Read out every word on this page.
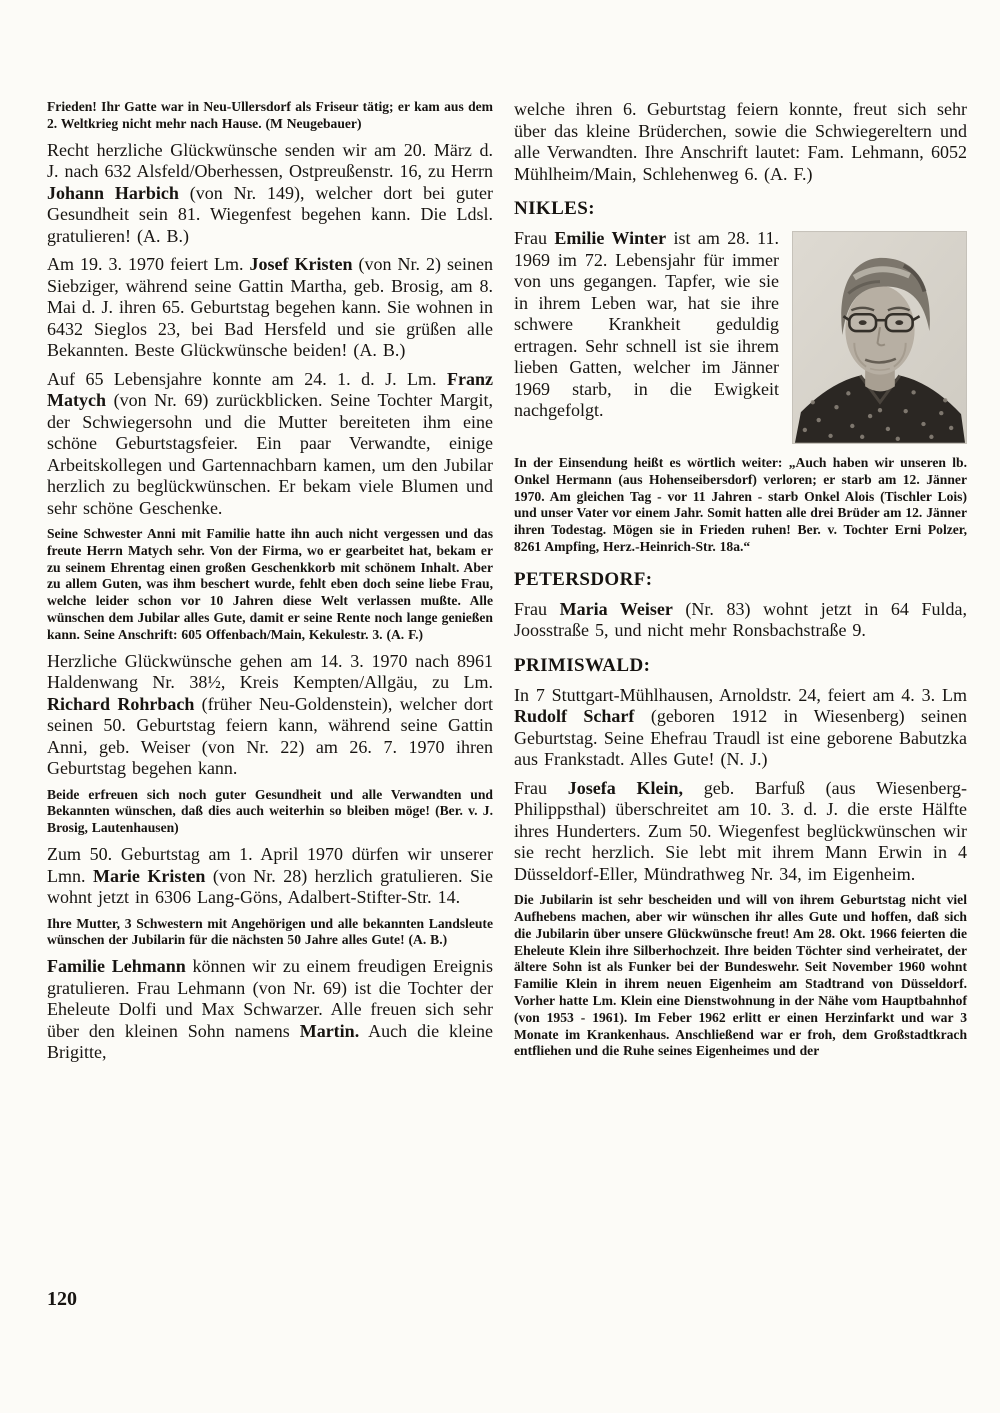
Frieden! Ihr Gatte war in Neu-Ullersdorf als Friseur tätig; er kam aus dem 2. Weltkrieg nicht mehr nach Hause. (M Neugebauer)

Recht herzliche Glückwünsche senden wir am 20. März d. J. nach 632 Alsfeld/Oberhessen, Ostpreußenstr. 16, zu Herrn Johann Harbich (von Nr. 149), welcher dort bei guter Gesundheit sein 81. Wiegenfest begehen kann. Die Ldsl. gratulieren! (A. B.)

Am 19. 3. 1970 feiert Lm. Josef Kristen (von Nr. 2) seinen Siebziger, während seine Gattin Martha, geb. Brosig, am 8. Mai d. J. ihren 65. Geburtstag begehen kann. Sie wohnen in 6432 Sieglos 23, bei Bad Hersfeld und sie grüßen alle Bekannten. Beste Glückwünsche beiden! (A. B.)

Auf 65 Lebensjahre konnte am 24. 1. d. J. Lm. Franz Matych (von Nr. 69) zurückblicken. Seine Tochter Margit, der Schwiegersohn und die Mutter bereiteten ihm eine schöne Geburtstagsfeier. Ein paar Verwandte, einige Arbeitskollegen und Gartennachbarn kamen, um den Jubilar herzlich zu beglückwünschen. Er bekam viele Blumen und sehr schöne Geschenke.

Seine Schwester Anni mit Familie hatte ihn auch nicht vergessen und das freute Herrn Matych sehr. Von der Firma, wo er gearbeitet hat, bekam er zu seinem Ehrentag einen großen Geschenkkorb mit schönem Inhalt. Aber zu allem Guten, was ihm beschert wurde, fehlt eben doch seine liebe Frau, welche leider schon vor 10 Jahren diese Welt verlassen mußte. Alle wünschen dem Jubilar alles Gute, damit er seine Rente noch lange genießen kann. Seine Anschrift: 605 Offenbach/Main, Kekulestr. 3. (A. F.)

Herzliche Glückwünsche gehen am 14. 3. 1970 nach 8961 Haldenwang Nr. 38½, Kreis Kempten/Allgäu, zu Lm. Richard Rohrbach (früher Neu-Goldenstein), welcher dort seinen 50. Geburtstag feiern kann, während seine Gattin Anni, geb. Weiser (von Nr. 22) am 26. 7. 1970 ihren Geburtstag begehen kann.

Beide erfreuen sich noch guter Gesundheit und alle Verwandten und Bekannten wünschen, daß dies auch weiterhin so bleiben möge! (Ber. v. J. Brosig, Lautenhausen)

Zum 50. Geburtstag am 1. April 1970 dürfen wir unserer Lmn. Marie Kristen (von Nr. 28) herzlich gratulieren. Sie wohnt jetzt in 6306 Lang-Göns, Adalbert-Stifter-Str. 14.

Ihre Mutter, 3 Schwestern mit Angehörigen und alle bekannten Landsleute wünschen der Jubilarin für die nächsten 50 Jahre alles Gute! (A. B.)

Familie Lehmann können wir zu einem freudigen Ereignis gratulieren. Frau Lehmann (von Nr. 69) ist die Tochter der Eheleute Dolfi und Max Schwarzer. Alle freuen sich sehr über den kleinen Sohn namens Martin. Auch die kleine Brigitte,

welche ihren 6. Geburtstag feiern konnte, freut sich sehr über das kleine Brüderchen, sowie die Schwiegereltern und alle Verwandten. Ihre Anschrift lautet: Fam. Lehmann, 6052 Mühlheim/Main, Schlehenweg 6. (A. F.)

NIKLES:

Frau Emilie Winter ist am 28. 11. 1969 im 72. Lebensjahr für immer von uns gegangen. Tapfer, wie sie in ihrem Leben war, hat sie ihre schwere Krankheit geduldig ertragen. Sehr schnell ist sie ihrem lieben Gatten, welcher im Jänner 1969 starb, in die Ewigkeit nachgefolgt.

In der Einsendung heißt es wörtlich weiter: „Auch haben wir unseren lb. Onkel Hermann (aus Hohenseibersdorf) verloren; er starb am 12. Jänner 1970. Am gleichen Tag - vor 11 Jahren - starb Onkel Alois (Tischler Lois) und unser Vater vor einem Jahr. Somit hatten alle drei Brüder am 12. Jänner ihren Todestag. Mögen sie in Frieden ruhen! Ber. v. Tochter Erni Polzer, 8261 Ampfing, Herz.-Heinrich-Str. 18a.“

PETERSDORF:

Frau Maria Weiser (Nr. 83) wohnt jetzt in 64 Fulda, Joosstraße 5, und nicht mehr Ronsbachstraße 9.

PRIMISWALD:

In 7 Stuttgart-Mühlhausen, Arnoldstr. 24, feiert am 4. 3. Lm Rudolf Scharf (geboren 1912 in Wiesenberg) seinen Geburtstag. Seine Ehefrau Traudl ist eine geborene Babutzka aus Frankstadt. Alles Gute! (N. J.)

Frau Josefa Klein, geb. Barfuß (aus Wiesenberg-Philippsthal) überschreitet am 10. 3. d. J. die erste Hälfte ihres Hunderters. Zum 50. Wiegenfest beglückwünschen wir sie recht herzlich. Sie lebt mit ihrem Mann Erwin in 4 Düsseldorf-Eller, Mündrathweg Nr. 34, im Eigenheim.

Die Jubilarin ist sehr bescheiden und will von ihrem Geburtstag nicht viel Aufhebens machen, aber wir wünschen ihr alles Gute und hoffen, daß sich die Jubilarin über unsere Glückwünsche freut! Am 28. Okt. 1966 feierten die Eheleute Klein ihre Silberhochzeit. Ihre beiden Töchter sind verheiratet, der ältere Sohn ist als Funker bei der Bundeswehr. Seit November 1960 wohnt Familie Klein in ihrem neuen Eigenheim am Stadtrand von Düsseldorf. Vorher hatte Lm. Klein eine Dienstwohnung in der Nähe vom Hauptbahnhof (von 1953 - 1961). Im Feber 1962 erlitt er einen Herzinfarkt und war 3 Monate im Krankenhaus. Anschließend war er froh, dem Großstadtkrach entfliehen und die Ruhe seines Eigenheimes und der

120
